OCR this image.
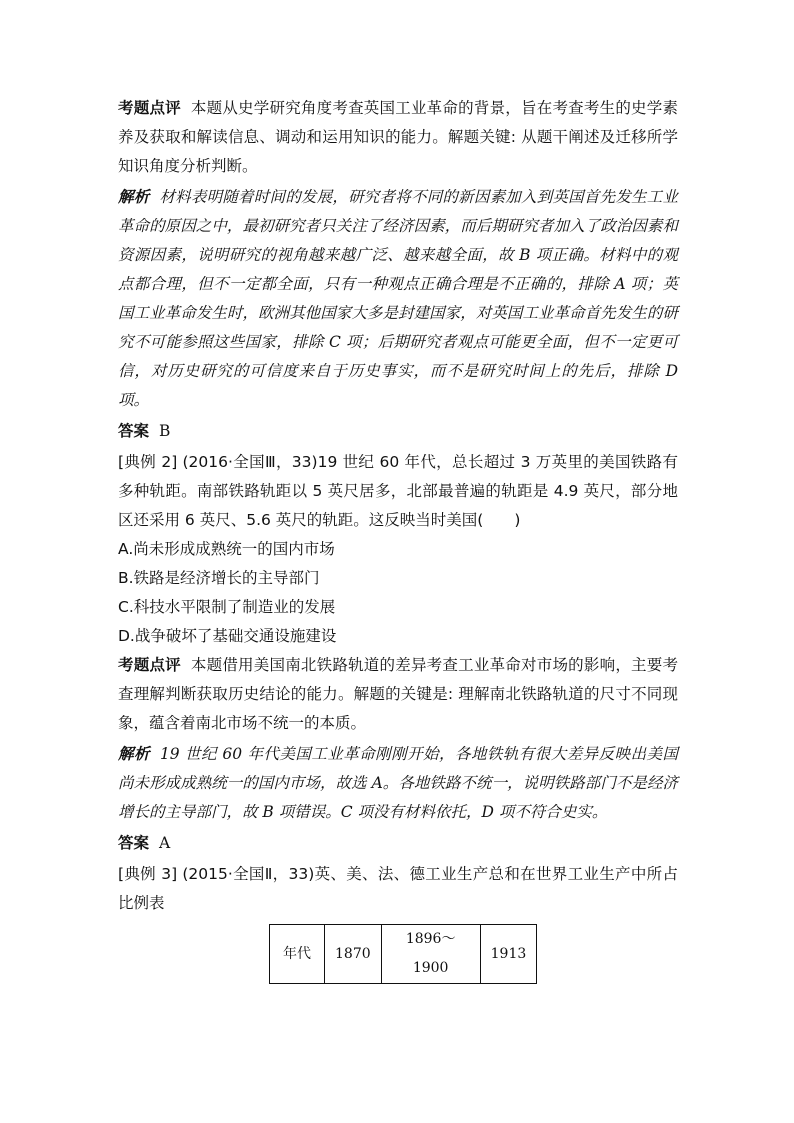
考题点评 本题从史学研究角度考查英国工业革命的背景，旨在考查考生的史学素养及获取和解读信息、调动和运用知识的能力。解题关键: 从题干阐述及迁移所学知识角度分析判断。

解析 材料表明随着时间的发展，研究者将不同的新因素加入到英国首先发生工业革命的原因之中，最初研究者只关注了经济因素，而后期研究者加入了政治因素和资源因素，说明研究的视角越来越广泛、越来越全面，故 B 项正确。材料中的观点都合理，但不一定都全面，只有一种观点正确合理是不正确的，排除 A 项；英国工业革命发生时，欧洲其他国家大多是封建国家，对英国工业革命首先发生的研究不可能参照这些国家，排除 C 项；后期研究者观点可能更全面，但不一定更可信，对历史研究的可信度来自于历史事实，而不是研究时间上的先后，排除 D 项。

答案 B

[典例 2] (2016·全国Ⅲ，33)19 世纪 60 年代，总长超过 3 万英里的美国铁路有多种轨距。南部铁路轨距以 5 英尺居多，北部最普遍的轨距是 4.9 英尺，部分地区还采用 6 英尺、5.6 英尺的轨距。这反映当时美国(　　)

A.尚未形成成熟统一的国内市场

B.铁路是经济增长的主导部门

C.科技水平限制了制造业的发展

D.战争破坏了基础交通设施建设

考题点评 本题借用美国南北铁路轨道的差异考查工业革命对市场的影响，主要考查理解判断获取历史结论的能力。解题的关键是: 理解南北铁路轨道的尺寸不同现象，蕴含着南北市场不统一的本质。

解析 19 世纪 60 年代美国工业革命刚刚开始，各地铁轨有很大差异反映出美国尚未形成成熟统一的国内市场，故选 A。各地铁路不统一，说明铁路部门不是经济增长的主导部门，故 B 项错误。C 项没有材料依托，D 项不符合史实。

答案 A

[典例 3] (2015·全国Ⅱ，33)英、美、法、德工业生产总和在世界工业生产中所占比例表

年代	1870	1896～1900	1913
